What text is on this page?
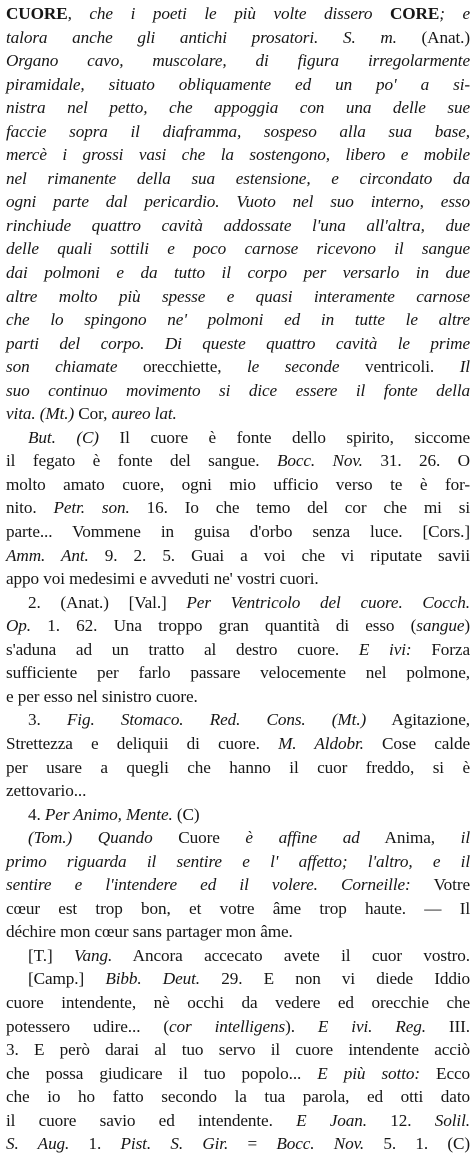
CUORE, che i poeti le più volte dissero CORE; e
talora anche gli antichi prosatori. S. m. (Anat.)
Organo cavo, muscolare, di figura irregolarmente
piramidale, situato obliquamente ed un po' a si-
nistra nel petto, che appoggia con una delle sue
faccie sopra il diaframma, sospeso alla sua base,
mercè i grossi vasi che la sostengono, libero e mobile
nel rimanente della sua estensione, e circondato da
ogni parte dal pericardio. Vuoto nel suo interno, esso
rinchiude quattro cavità addossate l'una all'altra, due
delle quali sottili e poco carnose ricevono il sangue
dai polmoni e da tutto il corpo per versarlo in due
altre molto più spesse e quasi interamente carnose
che lo spingono ne' polmoni ed in tutte le altre
parti del corpo. Di queste quattro cavità le prime
son chiamate orecchiette, le seconde ventricoli. Il
suo continuo movimento si dice essere il fonte della
vita. (Mt.) Cor, aureo lat.
But. (C) Il cuore è fonte dello spirito, siccome
il fegato è fonte del sangue. Bocc. Nov. 31. 26. O
molto amato cuore, ogni mio ufficio verso te è for-
nito. Petr. son. 16. Io che temo del cor che mi si
parte... Vommene in guisa d'orbo senza luce. [Cors.]
Amm. Ant. 9. 2. 5. Guai a voi che vi riputate savii
appo voi medesimi e avveduti ne' vostri cuori.
2. (Anat.) [Val.] Per Ventricolo del cuore. Cocch.
Op. 1. 62. Una troppo gran quantità di esso (sangue)
s'aduna ad un tratto al destro cuore. E ivi: Forza
sufficiente per farlo passare velocemente nel polmone,
e per esso nel sinistro cuore.
3. Fig. Stomaco. Red. Cons. (Mt.) Agitazione,
Strettezza e deliquii di cuore. M. Aldobr. Cose calde
per usare a quegli che hanno il cuor freddo, si è
zettovario...
4. Per Animo, Mente. (C)
(Tom.) Quando Cuore è affine ad Anima, il
primo riguarda il sentire e l' affetto; l'altro, e il
sentire e l'intendere ed il volere. Corneille: Votre
cœur est trop bon, et votre âme trop haute. — Il
déchire mon cœur sans partager mon âme.
[T.] Vang. Ancora accecato avete il cuor vostro.
[Camp.] Bibb. Deut. 29. E non vi diede Iddio
cuore intendente, nè occhi da vedere ed orecchie che
potessero udire... (cor intelligens). E ivi. Reg. III.
3. E però darai al tuo servo il cuore intendente acciò
che possa giudicare il tuo popolo... E più sotto: Ecco
che io ho fatto secondo la tua parola, ed otti dato
il cuore savio ed intendente. E Joan. 12. Solil.
S. Aug. 1. Pist. S. Gir. = Bocc. Nov. 5. 1. (C)
